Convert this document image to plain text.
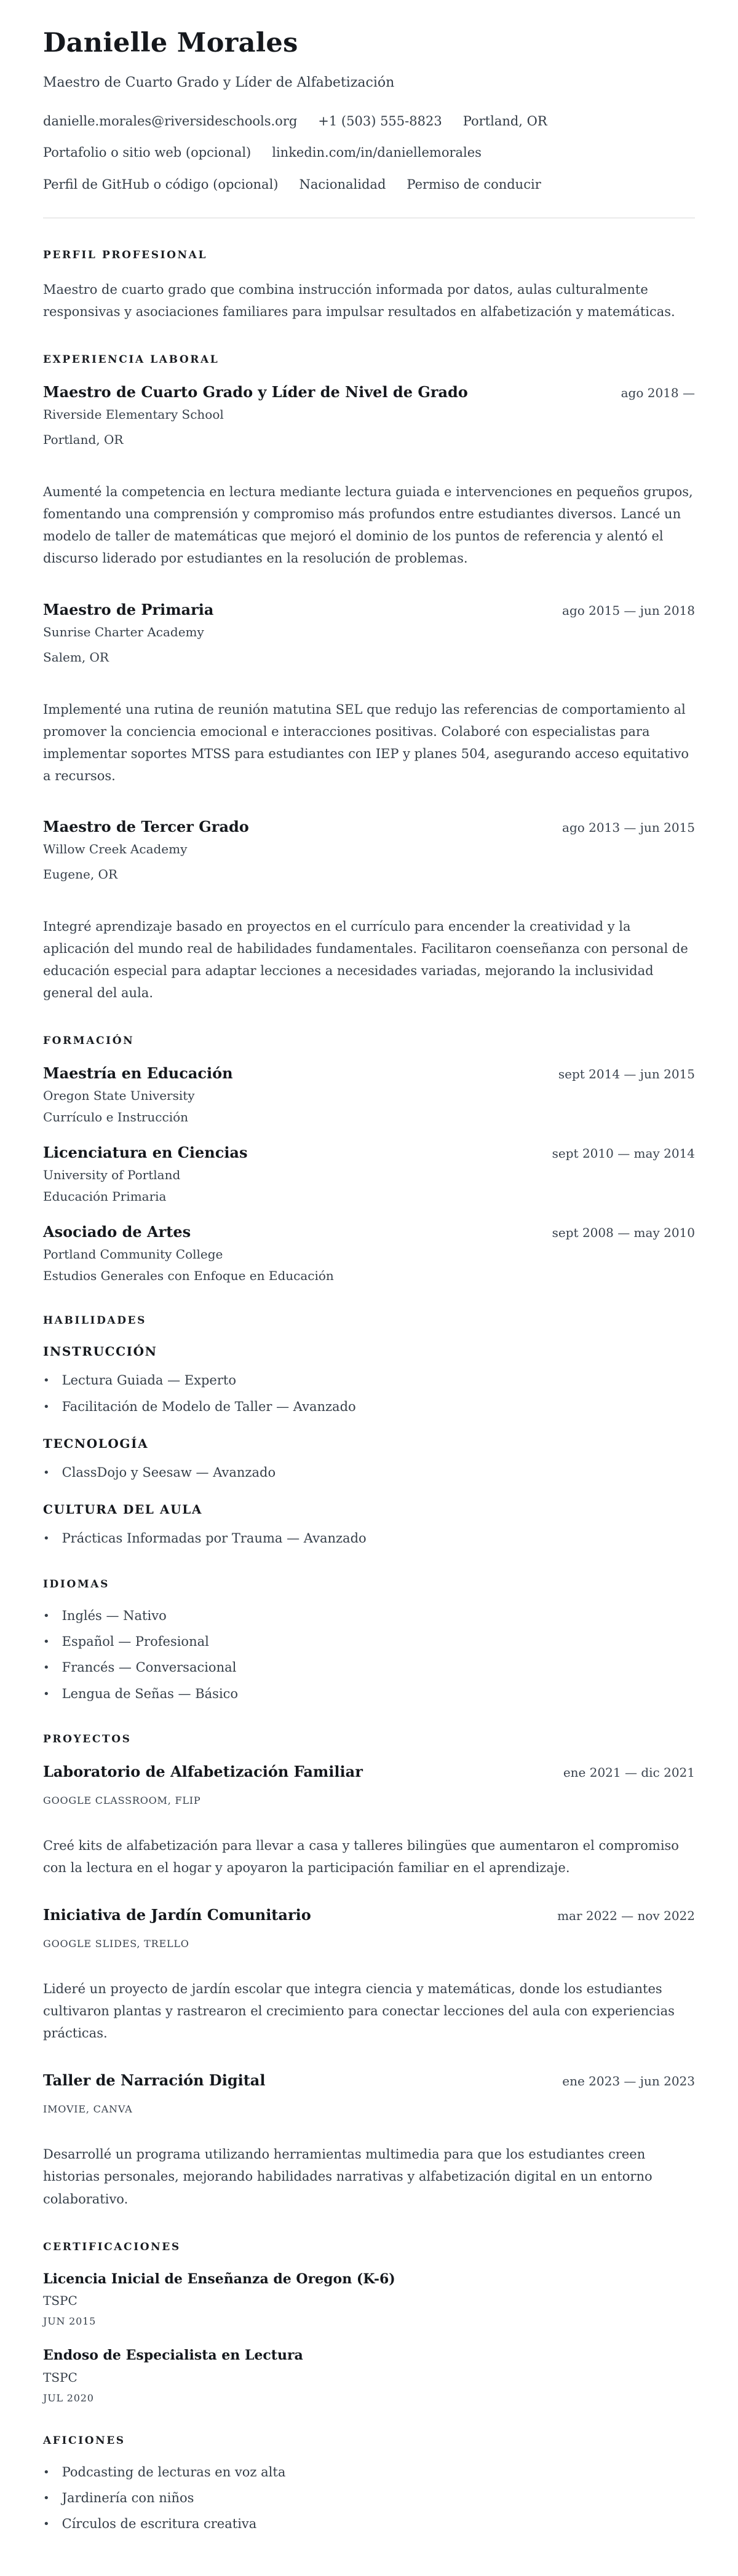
Danielle Morales

Maestro de Cuarto Grado y Líder de Alfabetización

danielle.morales@riversideschools.org +1 (503) 555-8823 Portland, OR
Portafolio o sitio web (opcional) linkedin.com/in/daniellemorales
Perfil de GitHub o código (opcional) Nacionalidad Permiso de conducir
PERFIL PROFESIONAL

Maestro de cuarto grado que combina instrucción informada por datos, aulas culturalmente responsivas y asociaciones familiares para impulsar resultados en alfabetización y matemáticas.

EXPERIENCIA LABORAL
Maestro de Cuarto Grado y Líder de Nivel de Grado	ago 2018 —
Riverside Elementary School
Portland, OR

Aumenté la competencia en lectura mediante lectura guiada e intervenciones en pequeños grupos, fomentando una comprensión y compromiso más profundos entre estudiantes diversos. Lancé un modelo de taller de matemáticas que mejoró el dominio de los puntos de referencia y alentó el discurso liderado por estudiantes en la resolución de problemas.

Maestro de Primaria	ago 2015 — jun 2018
Sunrise Charter Academy
Salem, OR

Implementé una rutina de reunión matutina SEL que redujo las referencias de comportamiento al promover la conciencia emocional e interacciones positivas. Colaboré con especialistas para implementar soportes MTSS para estudiantes con IEP y planes 504, asegurando acceso equitativo a recursos.

Maestro de Tercer Grado	ago 2013 — jun 2015
Willow Creek Academy
Eugene, OR

Integré aprendizaje basado en proyectos en el currículo para encender la creatividad y la aplicación del mundo real de habilidades fundamentales. Facilitaron coenseñanza con personal de educación especial para adaptar lecciones a necesidades variadas, mejorando la inclusividad general del aula.

FORMACIÓN
Maestría en Educación	sept 2014 — jun 2015
Oregon State University
Currículo e Instrucción
Licenciatura en Ciencias	sept 2010 — may 2014
University of Portland
Educación Primaria
Asociado de Artes	sept 2008 — may 2010
Portland Community College
Estudios Generales con Enfoque en Educación
HABILIDADES
INSTRUCCIÓN
• Lectura Guiada — Experto
• Facilitación de Modelo de Taller — Avanzado
TECNOLOGÍA
• ClassDojo y Seesaw — Avanzado
CULTURA DEL AULA
• Prácticas Informadas por Trauma — Avanzado
IDIOMAS
• Inglés — Nativo
• Español — Profesional
• Francés — Conversacional
• Lengua de Señas — Básico
PROYECTOS
Laboratorio de Alfabetización Familiar	ene 2021 — dic 2021
GOOGLE CLASSROOM, FLIP

Creé kits de alfabetización para llevar a casa y talleres bilingües que aumentaron el compromiso con la lectura en el hogar y apoyaron la participación familiar en el aprendizaje.

Iniciativa de Jardín Comunitario	mar 2022 — nov 2022
GOOGLE SLIDES, TRELLO

Lideré un proyecto de jardín escolar que integra ciencia y matemáticas, donde los estudiantes cultivaron plantas y rastrearon el crecimiento para conectar lecciones del aula con experiencias prácticas.

Taller de Narración Digital	ene 2023 — jun 2023
IMOVIE, CANVA

Desarrollé un programa utilizando herramientas multimedia para que los estudiantes creen historias personales, mejorando habilidades narrativas y alfabetización digital en un entorno colaborativo.

CERTIFICACIONES
Licencia Inicial de Enseñanza de Oregon (K-6)
TSPC
JUN 2015
Endoso de Especialista en Lectura
TSPC
JUL 2020
AFICIONES
• Podcasting de lecturas en voz alta
• Jardinería con niños
• Círculos de escritura creativa
